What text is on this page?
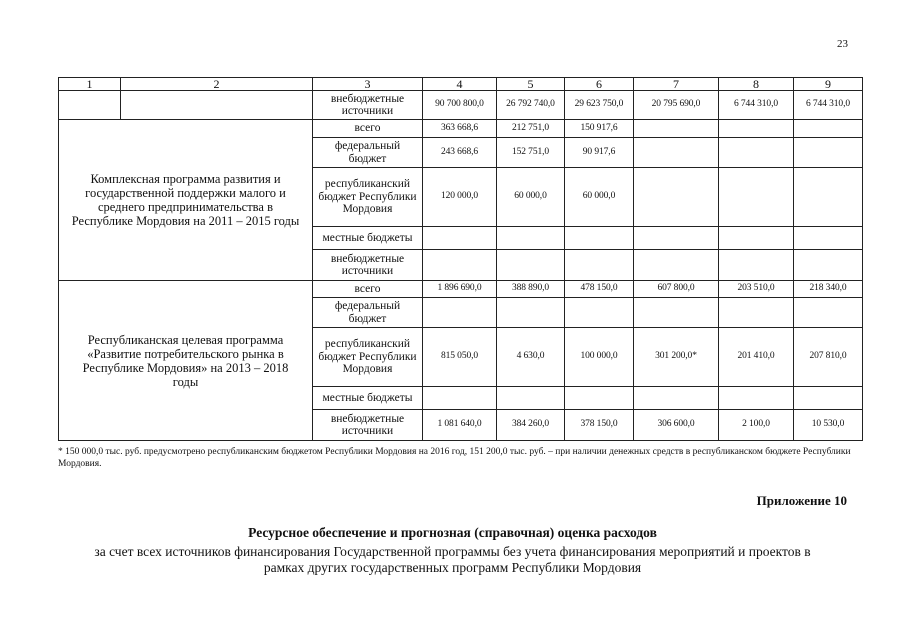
23
1	2	3	4	5	6	7	8	9
		внебюджетные источники	90 700 800,0	26 792 740,0	29 623 750,0	20 795 690,0	6 744 310,0	6 744 310,0
Комплексная программа развития и государственной поддержки малого и среднего предпринимательства в Республике Мордовия на 2011 – 2015 годы		всего	363 668,6	212 751,0	150 917,6			
		федеральный бюджет	243 668,6	152 751,0	90 917,6			
		республиканский бюджет Республики Мордовия	120 000,0	60 000,0	60 000,0			
		местные бюджеты						
		внебюджетные источники						
Республиканская целевая программа «Развитие потребительского рынка в Республике Мордовия» на 2013 – 2018 годы		всего	1 896 690,0	388 890,0	478 150,0	607 800,0	203 510,0	218 340,0
		федеральный бюджет						
		республиканский бюджет Республики Мордовия	815 050,0	4 630,0	100 000,0	301 200,0*	201 410,0	207 810,0
		местные бюджеты						
		внебюджетные источники	1 081 640,0	384 260,0	378 150,0	306 600,0	2 100,0	10 530,0
* 150 000,0 тыс. руб. предусмотрено республиканским бюджетом Республики Мордовия на 2016 год, 151 200,0 тыс. руб. – при наличии денежных средств в республиканском бюджете Республики Мордовия.
Приложение 10
Ресурсное обеспечение и прогнозная (справочная) оценка расходов
за счет всех источников финансирования Государственной программы без учета финансирования мероприятий и проектов в рамках других государственных программ Республики Мордовия
